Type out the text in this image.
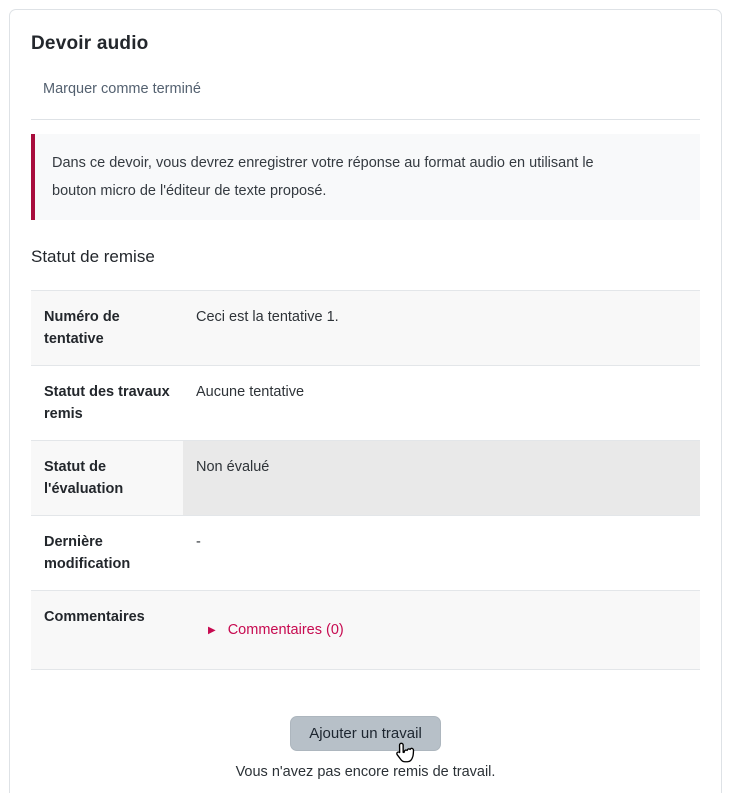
Devoir audio
Marquer comme terminé
Dans ce devoir, vous devrez enregistrer votre réponse au format audio en utilisant le bouton micro de l'éditeur de texte proposé.
Statut de remise
Numéro de tentative	Ceci est la tentative 1.
Statut des travaux remis	Aucune tentative
Statut de l'évaluation	Non évalué
Dernière modification	-
Commentaires	▶ Commentaires (0)
Ajouter un travail
Vous n'avez pas encore remis de travail.
